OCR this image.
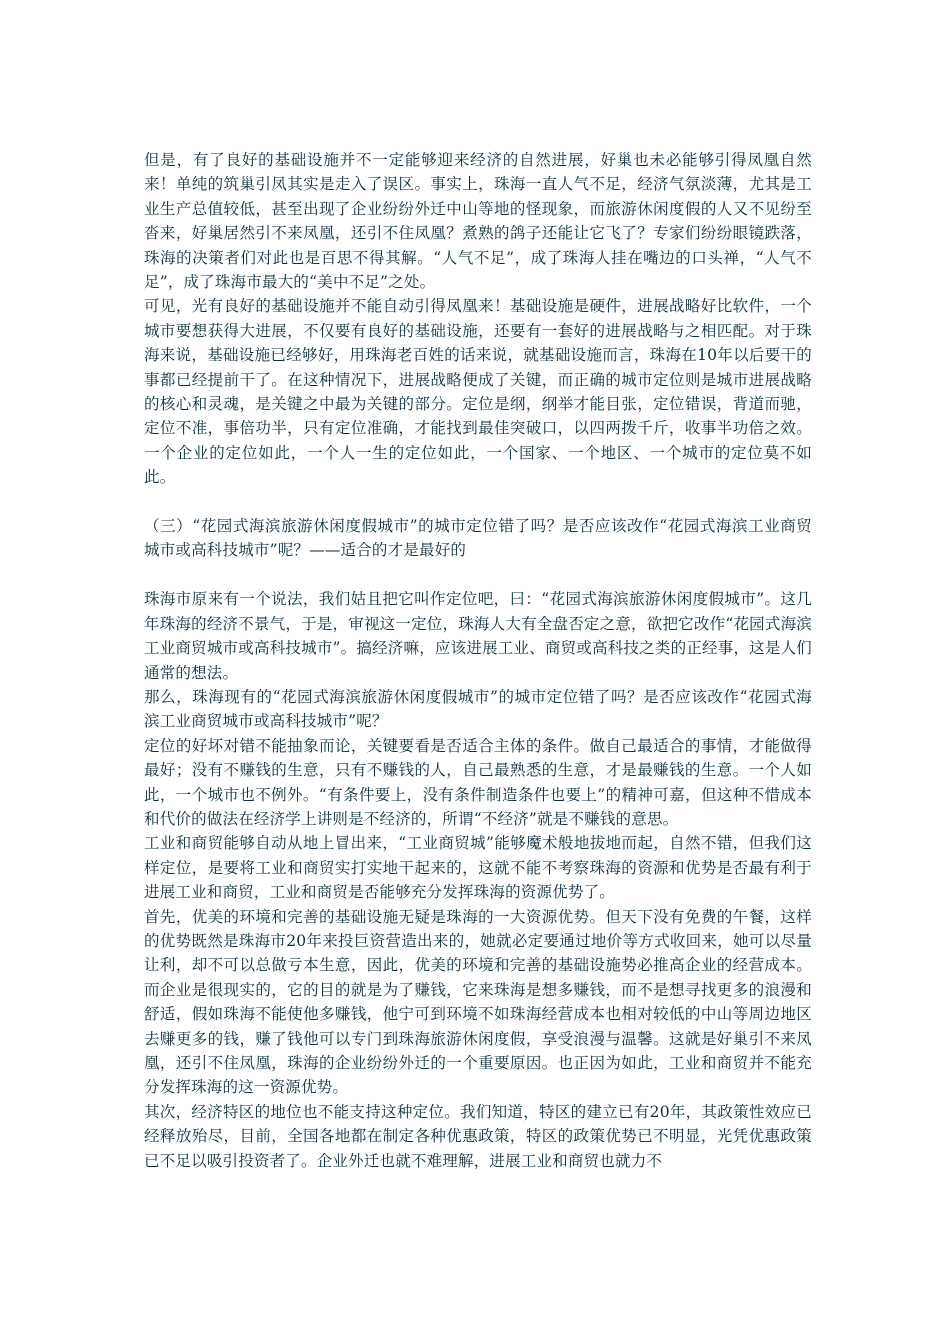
但是，有了良好的基础设施并不一定能够迎来经济的自然进展，好巢也未必能够引得凤凰自然来！单纯的筑巢引凤其实是走入了误区。事实上，珠海一直人气不足，经济气氛淡薄，尤其是工业生产总值较低，甚至出现了企业纷纷外迁中山等地的怪现象，而旅游休闲度假的人又不见纷至沓来，好巢居然引不来凤凰，还引不住凤凰？煮熟的鸽子还能让它飞了？专家们纷纷眼镜跌落，珠海的决策者们对此也是百思不得其解。“人气不足”，成了珠海人挂在嘴边的口头禅，“人气不足”，成了珠海市最大的“美中不足”之处。

可见，光有良好的基础设施并不能自动引得凤凰来！基础设施是硬件，进展战略好比软件，一个城市要想获得大进展，不仅要有良好的基础设施，还要有一套好的进展战略与之相匹配。对于珠海来说，基础设施已经够好，用珠海老百姓的话来说，就基础设施而言，珠海在10年以后要干的事都已经提前干了。在这种情况下，进展战略便成了关键，而正确的城市定位则是城市进展战略的核心和灵魂，是关键之中最为关键的部分。定位是纲，纲举才能目张，定位错误，背道而驰，定位不准，事倍功半，只有定位准确，才能找到最佳突破口，以四两拨千斤，收事半功倍之效。一个企业的定位如此，一个人一生的定位如此，一个国家、一个地区、一个城市的定位莫不如此。

（三）“花园式海滨旅游休闲度假城市”的城市定位错了吗？是否应该改作“花园式海滨工业商贸城市或高科技城市”呢？——适合的才是最好的

珠海市原来有一个说法，我们姑且把它叫作定位吧，曰：“花园式海滨旅游休闲度假城市”。这几年珠海的经济不景气，于是，审视这一定位，珠海人大有全盘否定之意，欲把它改作“花园式海滨工业商贸城市或高科技城市”。搞经济嘛，应该进展工业、商贸或高科技之类的正经事，这是人们通常的想法。

那么，珠海现有的“花园式海滨旅游休闲度假城市”的城市定位错了吗？是否应该改作“花园式海滨工业商贸城市或高科技城市”呢？

定位的好坏对错不能抽象而论，关键要看是否适合主体的条件。做自己最适合的事情，才能做得最好；没有不赚钱的生意，只有不赚钱的人，自己最熟悉的生意，才是最赚钱的生意。一个人如此，一个城市也不例外。“有条件要上，没有条件制造条件也要上”的精神可嘉，但这种不惜成本和代价的做法在经济学上讲则是不经济的，所谓“不经济”就是不赚钱的意思。

工业和商贸能够自动从地上冒出来，“工业商贸城”能够魔术般地拔地而起，自然不错，但我们这样定位，是要将工业和商贸实打实地干起来的，这就不能不考察珠海的资源和优势是否最有利于进展工业和商贸，工业和商贸是否能够充分发挥珠海的资源优势了。

首先，优美的环境和完善的基础设施无疑是珠海的一大资源优势。但天下没有免费的午餐，这样的优势既然是珠海市20年来投巨资营造出来的，她就必定要通过地价等方式收回来，她可以尽量让利，却不可以总做亏本生意，因此，优美的环境和完善的基础设施势必推高企业的经营成本。而企业是很现实的，它的目的就是为了赚钱，它来珠海是想多赚钱，而不是想寻找更多的浪漫和舒适，假如珠海不能使他多赚钱，他宁可到环境不如珠海经营成本也相对较低的中山等周边地区去赚更多的钱，赚了钱他可以专门到珠海旅游休闲度假，享受浪漫与温馨。这就是好巢引不来凤凰，还引不住凤凰，珠海的企业纷纷外迁的一个重要原因。也正因为如此，工业和商贸并不能充分发挥珠海的这一资源优势。

其次，经济特区的地位也不能支持这种定位。我们知道，特区的建立已有20年，其政策性效应已经释放殆尽，目前，全国各地都在制定各种优惠政策，特区的政策优势已不明显，光凭优惠政策已不足以吸引投资者了。企业外迁也就不难理解，进展工业和商贸也就力不
